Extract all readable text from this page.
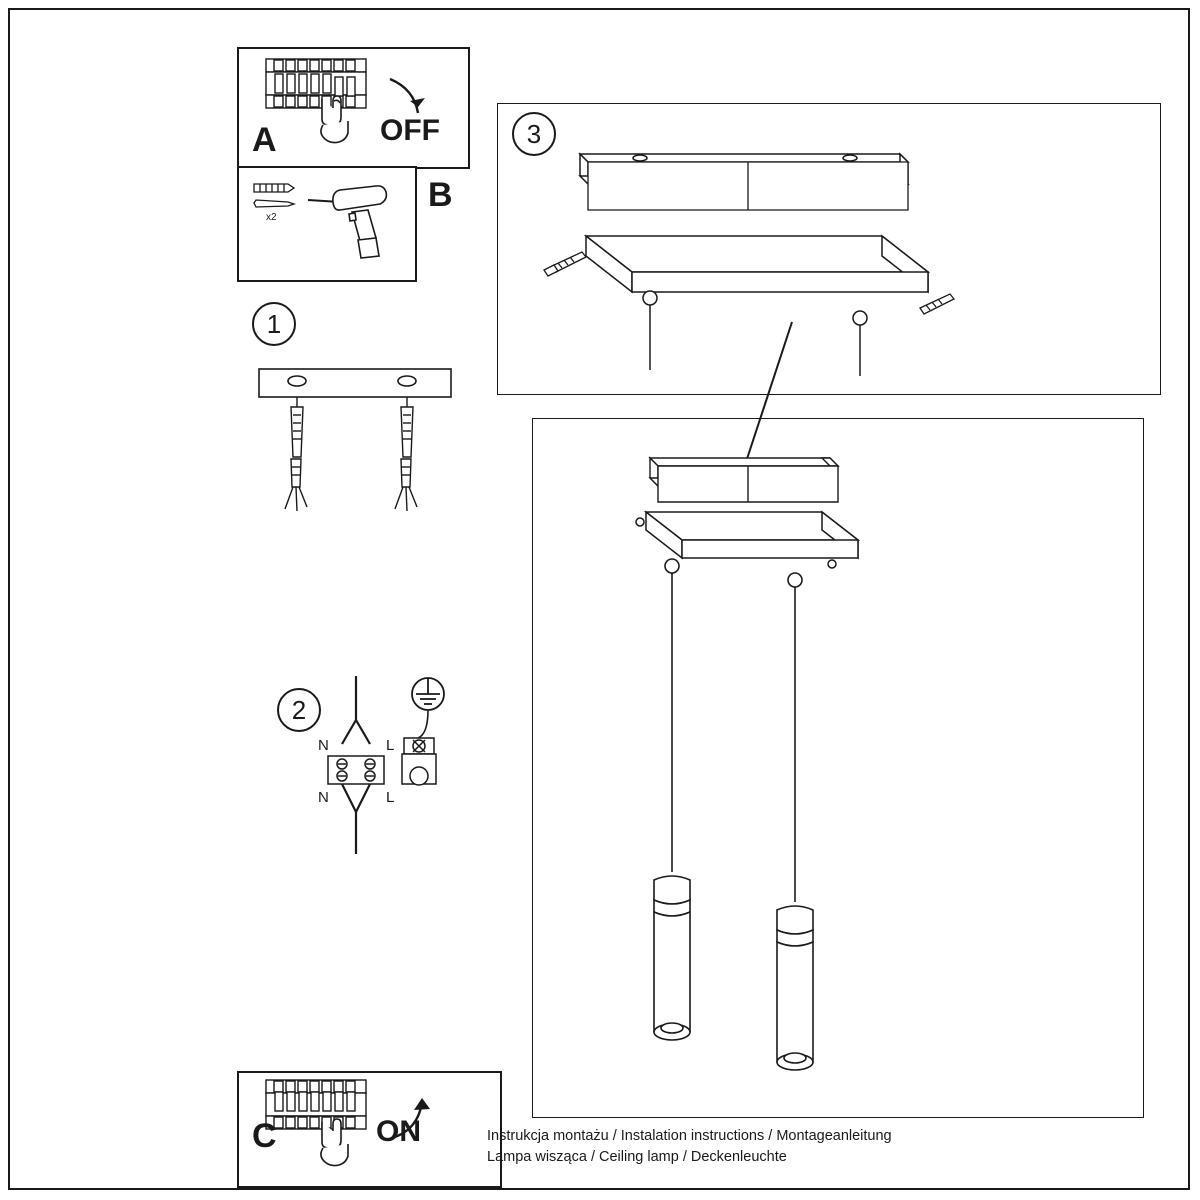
A	OFF
x2
B
1
2
N	L
N	L
C	ON
3
Instrukcja montażu / Instalation instructions / Montageanleitung
Lampa wisząca / Ceiling lamp / Deckenleuchte
